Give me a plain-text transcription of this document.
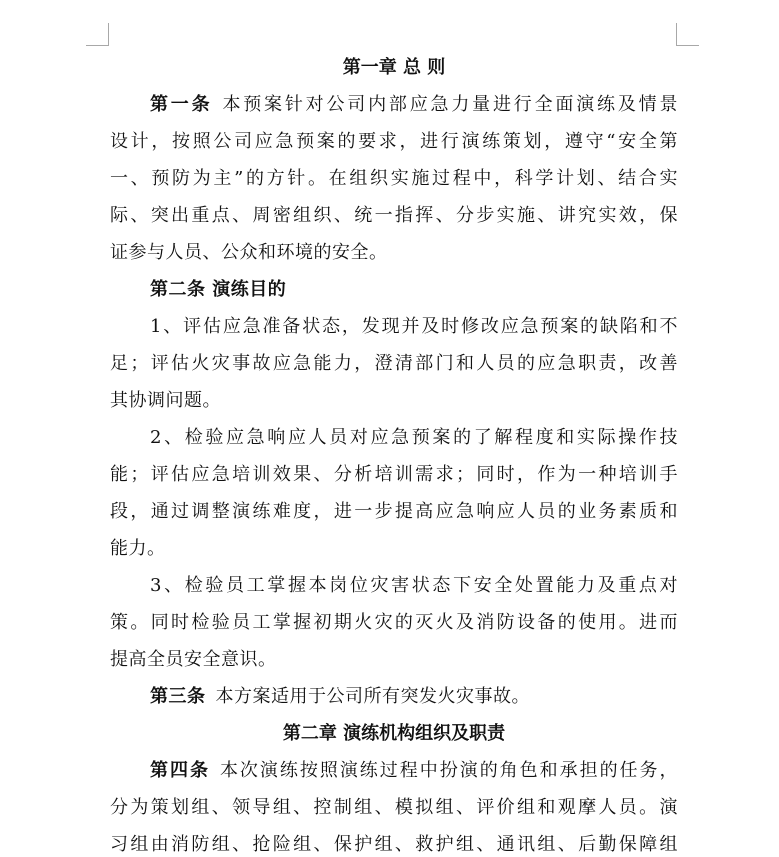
第一章 总 则
第一条 本预案针对公司内部应急力量进行全面演练及情景
设计，按照公司应急预案的要求，进行演练策划，遵守“安全第
一、预防为主”的方针。在组织实施过程中，科学计划、结合实
际、突出重点、周密组织、统一指挥、分步实施、讲究实效，保
证参与人员、公众和环境的安全。
第二条 演练目的
1、评估应急准备状态，发现并及时修改应急预案的缺陷和不
足；评估火灾事故应急能力，澄清部门和人员的应急职责，改善
其协调问题。
2、检验应急响应人员对应急预案的了解程度和实际操作技
能；评估应急培训效果、分析培训需求；同时，作为一种培训手
段，通过调整演练难度，进一步提高应急响应人员的业务素质和
能力。
3、检验员工掌握本岗位灾害状态下安全处置能力及重点对
策。同时检验员工掌握初期火灾的灭火及消防设备的使用。进而
提高全员安全意识。
第三条 本方案适用于公司所有突发火灾事故。
第二章 演练机构组织及职责
第四条 本次演练按照演练过程中扮演的角色和承担的任务，
分为策划组、领导组、控制组、模拟组、评价组和观摩人员。演
习组由消防组、抢险组、保护组、救护组、通讯组、后勤保障组
